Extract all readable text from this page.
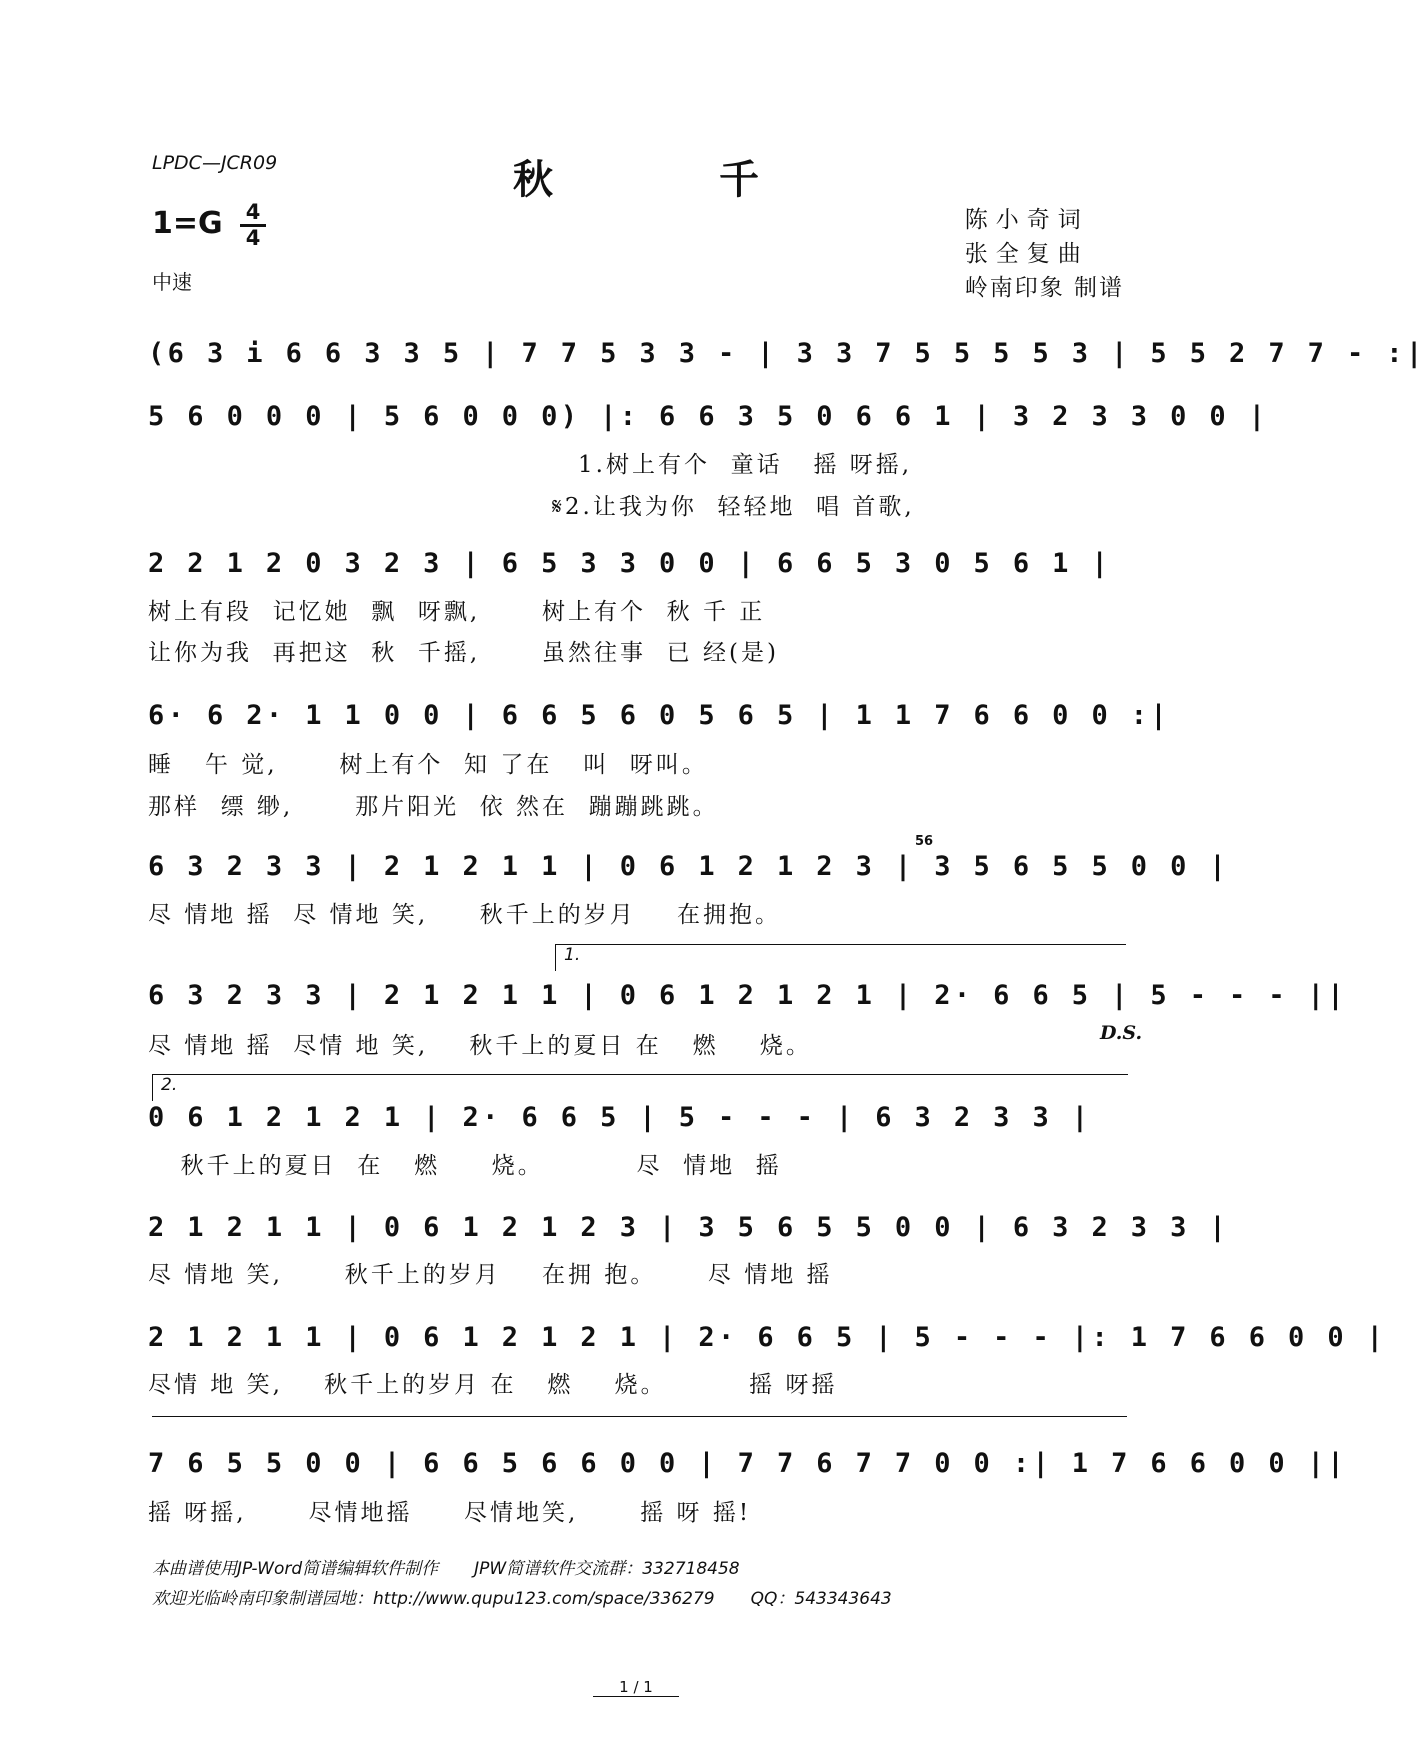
LPDC—JCR09	秋 千
1=G	4
4
中速
陈小奇词
张全复曲
岭南印象 制谱
(6 3 i 6 6 3 3 5 | 7 7 5 3 3 - | 3 3 7 5 5 5 5 3 | 5 5 2 7 7 - :|
5 6 0 0 0 | 5 6 0 0 0) |: 6 6 3 5 0 6 6 1 | 3 2 3 3 0 0 |
1.树上有个  童话   摇 呀摇,
𝄋2.让我为你  轻轻地  唱 首歌,
2 2 1 2 0 3 2 3 | 6 5 3 3 0 0 | 6 6 5 3 0 5 6 1 |
树上有段  记忆她  飘  呀飘,      树上有个  秋 千 正
让你为我  再把这  秋  千摇,      虽然往事  已 经(是)
6· 6 2· 1 1 0 0 | 6 6 5 6 0 5 6 5 | 1 1 7 6 6 0 0 :|
睡   午 觉,      树上有个  知 了在   叫  呀叫。
那样  缥 缈,      那片阳光  依 然在  蹦蹦跳跳。
6 3 2 3 3 | 2 1 2 1 1 | 0 6 1 2 1 2 3 | 3 5 6 5 5 0 0 |
56
尽 情地 摇  尽 情地 笑,     秋千上的岁月    在拥抱。
1.
6 3 2 3 3 | 2 1 2 1 1 | 0 6 1 2 1 2 1 | 2· 6 6 5 | 5 - - - ||
尽 情地 摇  尽情 地 笑,    秋千上的夏日 在   燃    烧。	D.S.
2.
0 6 1 2 1 2 1 | 2· 6 6 5 | 5 - - - | 6 3 2 3 3 |
秋千上的夏日  在   燃     烧。         尽  情地  摇
2 1 2 1 1 | 0 6 1 2 1 2 3 | 3 5 6 5 5 0 0 | 6 3 2 3 3 |
尽 情地 笑,      秋千上的岁月    在拥 抱。     尽 情地 摇
2 1 2 1 1 | 0 6 1 2 1 2 1 | 2· 6 6 5 | 5 - - - |: 1 7 6 6 0 0 |
尽情 地 笑,    秋千上的岁月 在   燃    烧。        摇 呀摇
7 6 5 5 0 0 | 6 6 5 6 6 0 0 | 7 7 6 7 7 0 0 :| 1 7 6 6 0 0 ||
摇 呀摇,      尽情地摇     尽情地笑,      摇 呀 摇!
本曲谱使用JP-Word简谱编辑软件制作 JPW简谱软件交流群：332718458
欢迎光临岭南印象制谱园地：http://www.qupu123.com/space/336279 QQ：543343643
1 / 1
